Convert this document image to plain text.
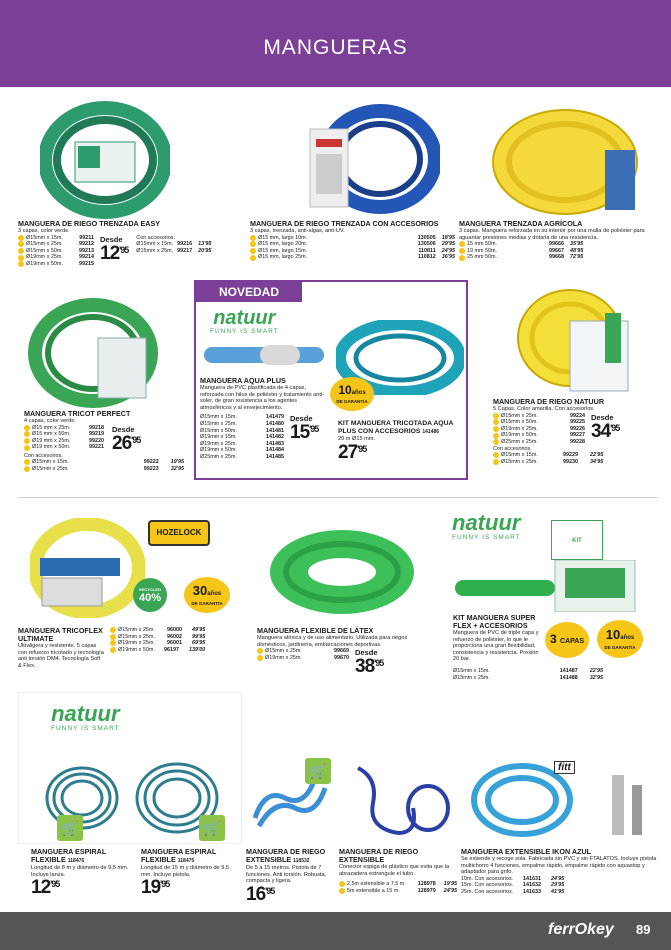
MANGUERAS
MANGUERA DE RIEGO TRENZADA EASY
3 capas, color verde.
Ø15mm x 15m.	99211
Ø15mm x 25m.	99212
Ø15mm x 50m.	99213
Ø19mm x 25m.	99214
Ø19mm x 50m.	99215
Desde
$12^{'95}$
Con accesorios.
Ø15mm x 15m. 99216 13'95
Ø15mm x 25m. 99217 20'95
MANGUERA DE RIEGO TRENZADA CON ACCESORIOS
3 capas, trenzada, anti-algas, anti-UV.
Ø15 mm, largo 10m.	130505 18'95
Ø15 mm, largo 20m.	130506 29'95
Ø15 mm, largo 15m.	110811 24'95
Ø15 mm, largo 25m.	110812 36'95
MANGUERA TRENZADA AGRÍCOLA
3 capas. Manguera reforzada en su interior por una malla de poliéster para aguantar presiones medias y dotarla de una resistencia.
15 mm 50m.	99666 35'95
19 mm 50m.	99667 48'95
25 mm 50m.	99668 72'95
MANGUERA TRICOT PERFECT
4 capas, color verde.
Ø15 mm x 25m.	99218
Ø15 mm x 50m.	99219
Ø19 mm x 25m.	99220
Ø19 mm x 50m.	99221
Desde
$26^{'95}$
Con accesorios.
Ø15mm x 15m.	99222 19'95
Ø15mm x 25m.	99223 32'95
NOVEDAD
natuur
FUNNY IS SMART
10años
DE GARANTÍA
MANGUERA AQUA PLUS
Manguera de PVC plastificada de 4 capas, reforzada con hilos de poliéster y tratamiento anti-soler, de gran resistencia a los agentes atmosféricos y al envejecimiento.
Ø15mm x 15m.	141479
Ø15mm x 25m.	141480
Ø15mm x 50m.	141481
Ø19mm x 15m.	141482
Ø19mm x 25m.	141483
Ø19mm x 50m.	141484
Ø25mm x 25m.	141485
Desde
$15^{'95}$
KIT MANGUERA TRICOTADA AQUA PLUS CON ACCESORIOS 141486
20 m Ø15 mm.
$27^{'95}$
MANGUERA DE RIEGO NATUUR
5 Capas. Color amarilla. Con accesorios.
Ø15mm x 25m.	99224
Ø15mm x 50m.	99225
Ø19mm x 25m.	99226
Ø19mm x 50m.	99227
Ø25mm x 25m.	99228
Desde
$34^{'95}$
Con accesorios.
Ø15mm x 15m.	99229 22'95
Ø15mm x 25m.	99230 34'95
HOZELOCK
RECYCLED
40% 30años
DE GARANTÍA
MANGUERA TRICOFLEX ULTIMATE
Ultraligera y resistente. 5 capas con refuerzo tricotado y tecnología anti torsión DM4. Tecnología Soft & Flex.
Ø15mm x 25m.	96000 49'95
Ø15mm x 25m.	96002 99'95
Ø19mm x 25m.	96001 69'95
Ø19mm x 50m.	96197 139'00
MANGUERA FLEXIBLE DE LÁTEX
Manguera atóxica y de uso alimentario. Utilizada para riegos domésticos, jardinería, embarcaciones deportivas.
Ø15mm x 25m.	99669
Ø19mm x 25m.	99670
Desde
$38^{'95}$
natuur
FUNNY IS SMART	KIT
KIT MANGUERA SUPER FLEX + ACCESORIOS
Manguera de PVC de triple capa y refuerzo de poliéster, lo que le proporciona una gran flexibilidad, consistencia y resistencia. Presión 20 bar.
3 CAPAS 10años
DE GARANTÍA
Ø15mm x 15m.	141487 22'95
Ø15mm x 25m.	141488 32'95
natuur
FUNNY IS SMART
🛒	🛒
MANGUERA ESPIRAL FLEXIBLE 118476
Longitud de 8 m y diámetro de 9,5 mm. Incluye lanza.
$12^{'95}$
MANGUERA ESPIRAL FLEXIBLE 118475
Longitud de 15 m y diámetro de 9,5 mm. Incluye pistola.
$19^{'95}$
🛒
MANGUERA DE RIEGO EXTENSIBLE 118532
De 5 a 15 metros. Pistola de 7 funciones. Anti torsión. Robusta, compacta y ligera.
$16^{'95}$
MANGUERA DE RIEGO EXTENSIBLE
Conector espiga de plástico que evita que la abrazadera estrangule el tubo.
2,5m extensible a 7,5 m.	128978 19'95
5m extensible a 15 m.	128979 24'95
fitt
MANGUERA EXTENSIBLE IKON AZUL
Se extiende y recoge sola. Fabricada sin PVC y sin FTALATOS. Incluye pistola multichorro 4 funciones, empalme rápido, empalme rápido con aquastop y adaptador para grifo.
10m. Con accesorios.	141631 24'95
15m. Con accesorios.	141632 29'95
25m. Con accesorios.	141633 41'95
ferrOkey 89
